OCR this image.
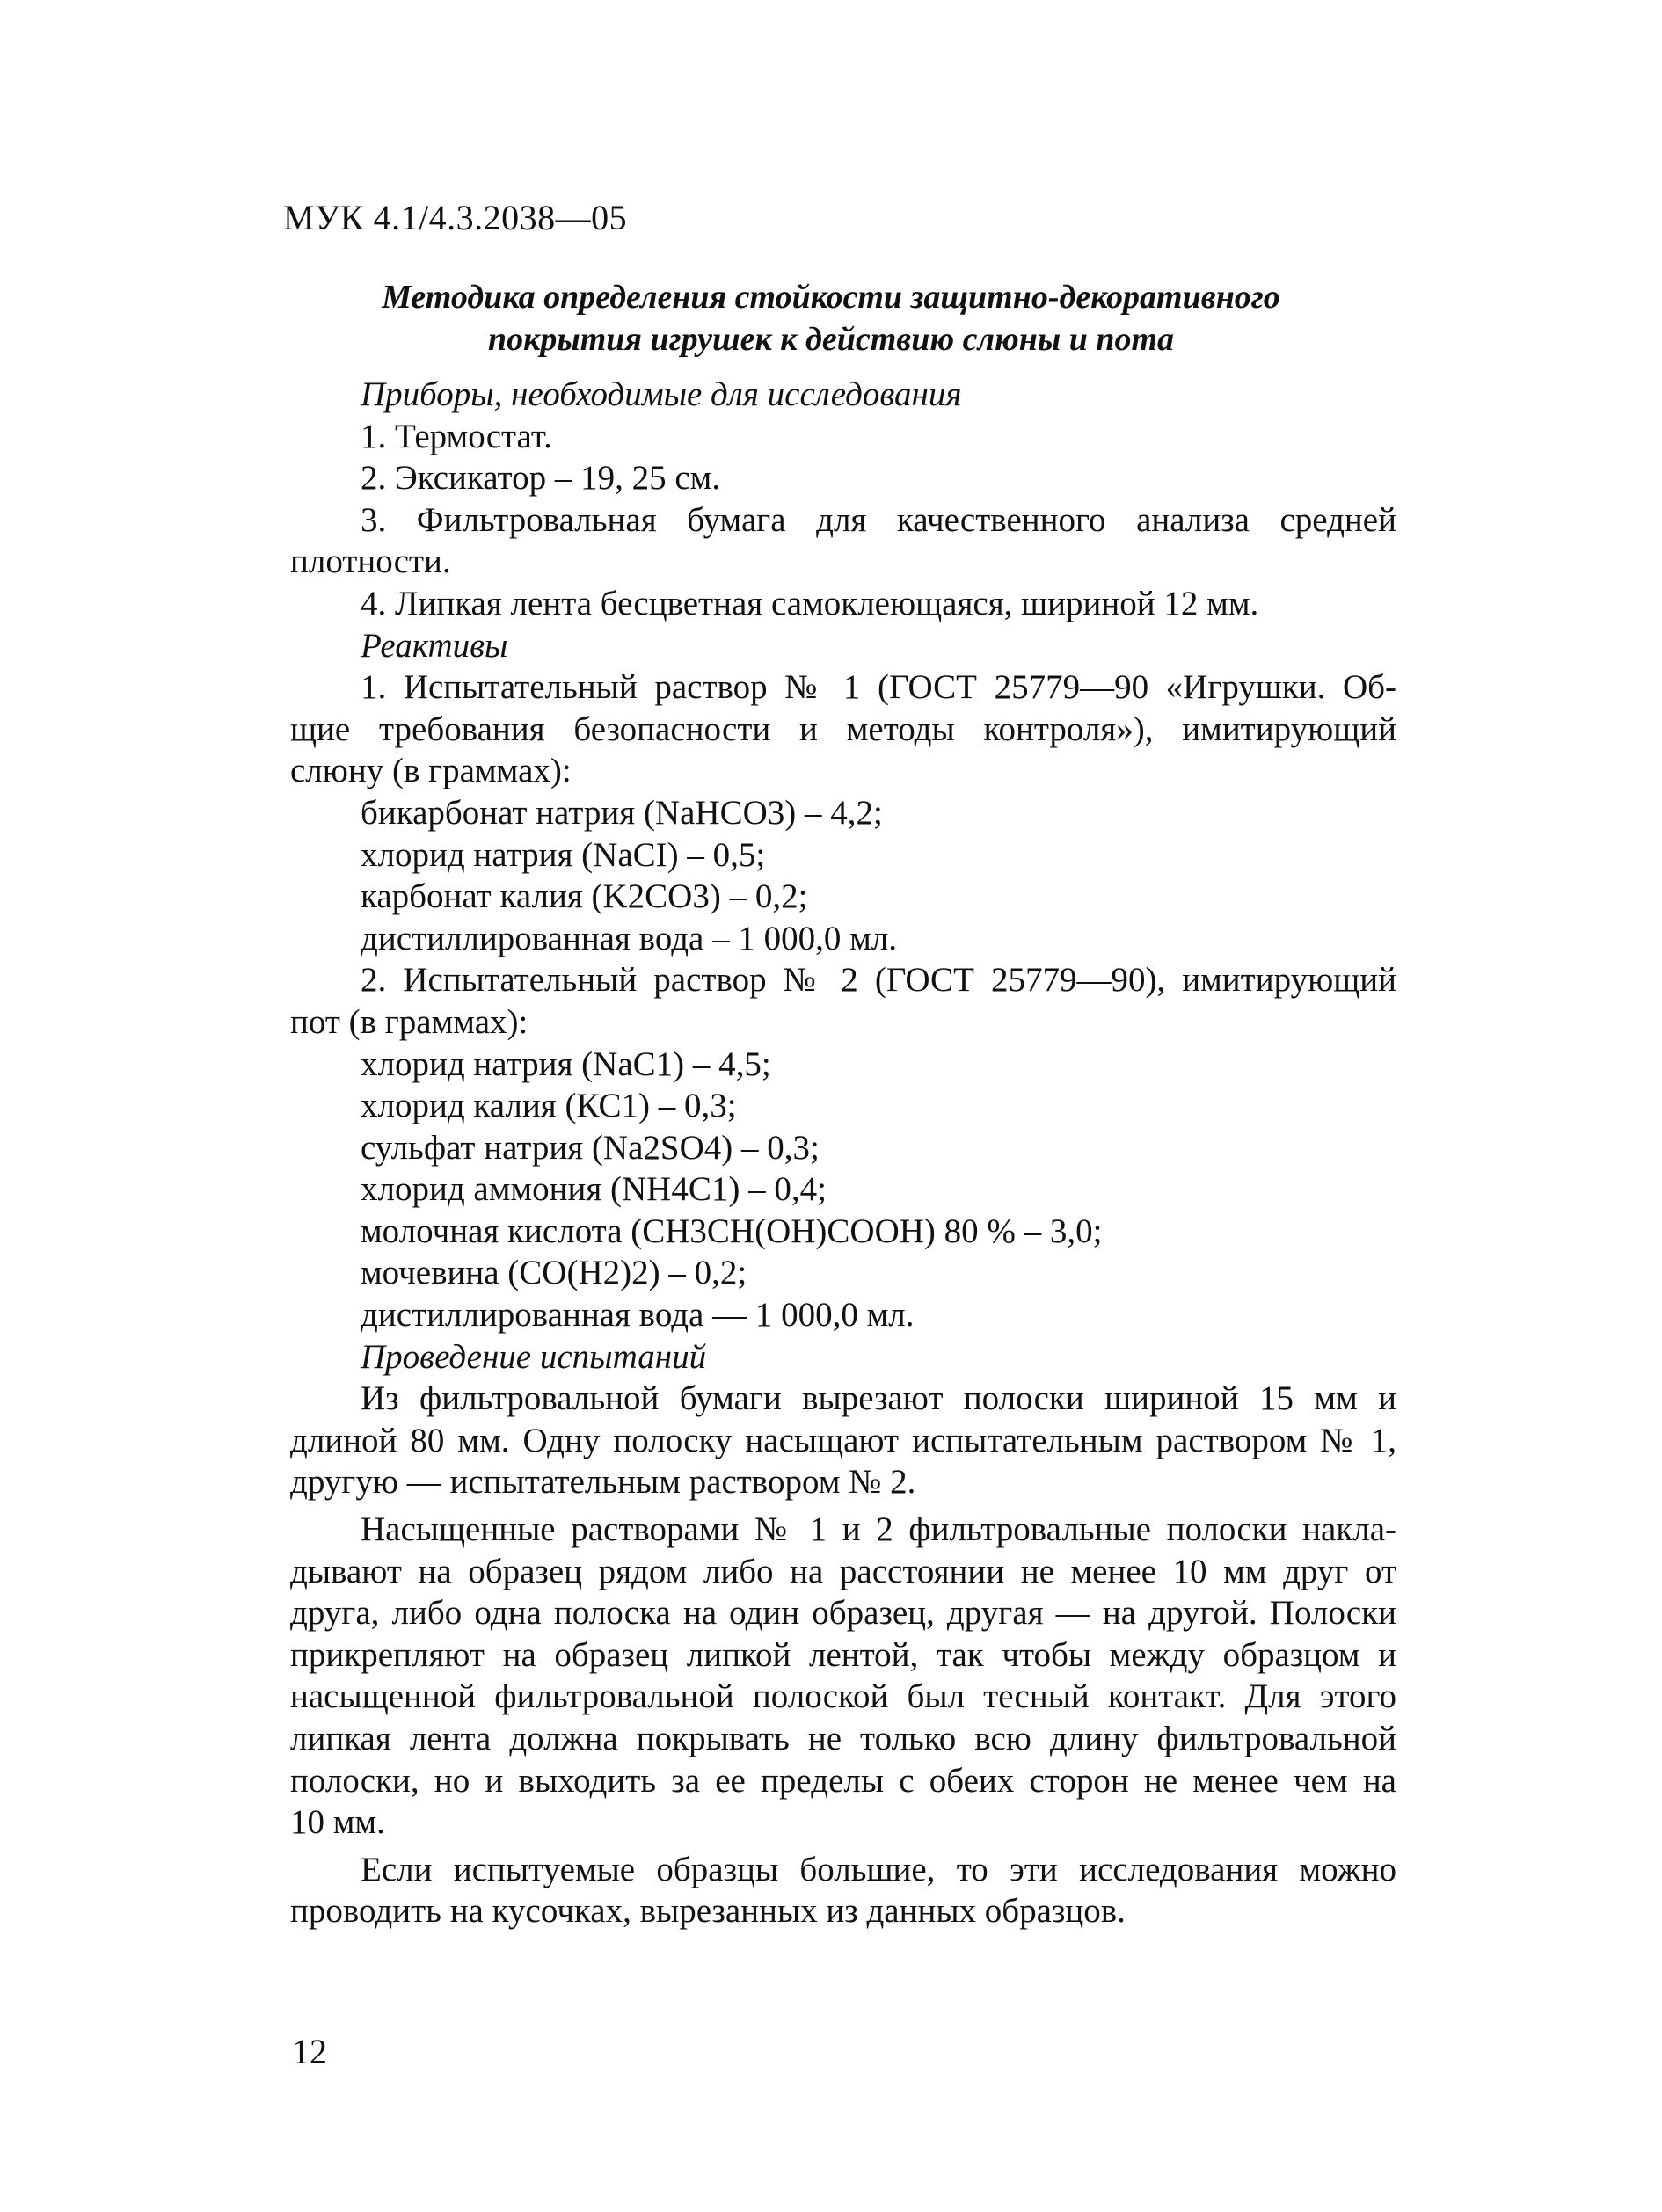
МУК 4.1/4.3.2038—05
Методика определения стойкости защитно-декоративного
покрытия игрушек к действию слюны и пота
Приборы, необходимые для исследования
1. Термостат.
2. Эксикатор – 19, 25 см.
3. Фильтровальная бумага для качественного анализа средней
плотности.
4. Липкая лента бесцветная самоклеющаяся, шириной 12 мм.
Реактивы
1. Испытательный раствор № 1 (ГОСТ 25779—90 «Игрушки. Об-
щие требования безопасности и методы контроля»), имитирующий
слюну (в граммах):
бикарбонат натрия (NaHCO3) – 4,2;
хлорид натрия (NaCI) – 0,5;
карбонат калия (K2CO3) – 0,2;
дистиллированная вода – 1 000,0 мл.
2. Испытательный раствор № 2 (ГОСТ 25779—90), имитирующий
пот (в граммах):
хлорид натрия (NaC1) – 4,5;
хлорид калия (КС1) – 0,3;
сульфат натрия (Na2SO4) – 0,3;
хлорид аммония (NH4C1) – 0,4;
молочная кислота (CH3CH(OH)COOH) 80 % – 3,0;
мочевина (CO(H2)2) – 0,2;
дистиллированная вода — 1 000,0 мл.
Проведение испытаний
Из фильтровальной бумаги вырезают полоски шириной 15 мм и
длиной 80 мм. Одну полоску насыщают испытательным раствором № 1,
другую — испытательным раствором № 2.
Насыщенные растворами № 1 и 2 фильтровальные полоски накла-
дывают на образец рядом либо на расстоянии не менее 10 мм друг от
друга, либо одна полоска на один образец, другая — на другой. Полоски
прикрепляют на образец липкой лентой, так чтобы между образцом и
насыщенной фильтровальной полоской был тесный контакт. Для этого
липкая лента должна покрывать не только всю длину фильтровальной
полоски, но и выходить за ее пределы с обеих сторон не менее чем на
10 мм.
Если испытуемые образцы большие, то эти исследования можно
проводить на кусочках, вырезанных из данных образцов.
12
